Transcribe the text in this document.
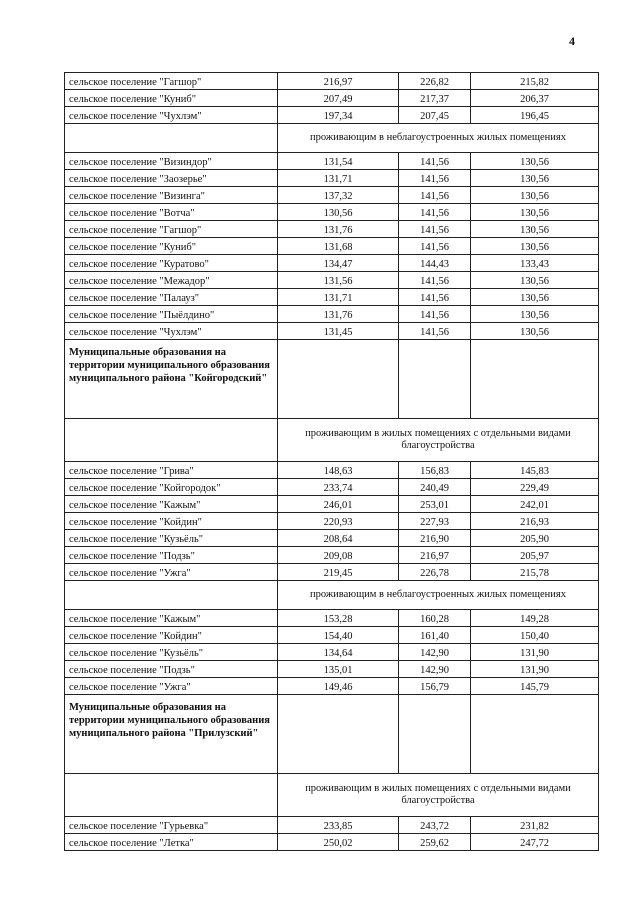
4
сельское поселение "Гагшор"	216,97	226,82	215,82
сельское поселение "Куниб"	207,49	217,37	206,37
сельское поселение "Чухлэм"	197,34	207,45	196,45
	проживающим в неблагоустроенных жилых помещениях		
сельское поселение "Визиндор"	131,54	141,56	130,56
сельское поселение "Заозерье"	131,71	141,56	130,56
сельское поселение "Визинга"	137,32	141,56	130,56
сельское поселение "Вотча"	130,56	141,56	130,56
сельское поселение "Гагшор"	131,76	141,56	130,56
сельское поселение "Куниб"	131,68	141,56	130,56
сельское поселение "Куратово"	134,47	144,43	133,43
сельское поселение "Межадор"	131,56	141,56	130,56
сельское поселение "Палауз"	131,71	141,56	130,56
сельское поселение "Пыёлдино"	131,76	141,56	130,56
сельское поселение "Чухлэм"	131,45	141,56	130,56
Муниципальные образования на территории муниципального образования муниципального района "Койгородский"			
	проживающим в жилых помещениях с отдельными видами благоустройства		
сельское поселение "Грива"	148,63	156,83	145,83
сельское поселение "Койгородок"	233,74	240,49	229,49
сельское поселение "Кажым"	246,01	253,01	242,01
сельское поселение "Койдин"	220,93	227,93	216,93
сельское поселение "Кузьёль"	208,64	216,90	205,90
сельское поселение "Подзь"	209,08	216,97	205,97
сельское поселение "Ужга"	219,45	226,78	215,78
	проживающим в неблагоустроенных жилых помещениях		
сельское поселение "Кажым"	153,28	160,28	149,28
сельское поселение "Койдин"	154,40	161,40	150,40
сельское поселение "Кузьёль"	134,64	142,90	131,90
сельское поселение "Подзь"	135,01	142,90	131,90
сельское поселение "Ужга"	149,46	156,79	145,79
Муниципальные образования на территории муниципального образования муниципального района "Прилузский"			
	проживающим в жилых помещениях с отдельными видами благоустройства		
сельское поселение "Гурьевка"	233,85	243,72	231,82
сельское поселение "Летка"	250,02	259,62	247,72
